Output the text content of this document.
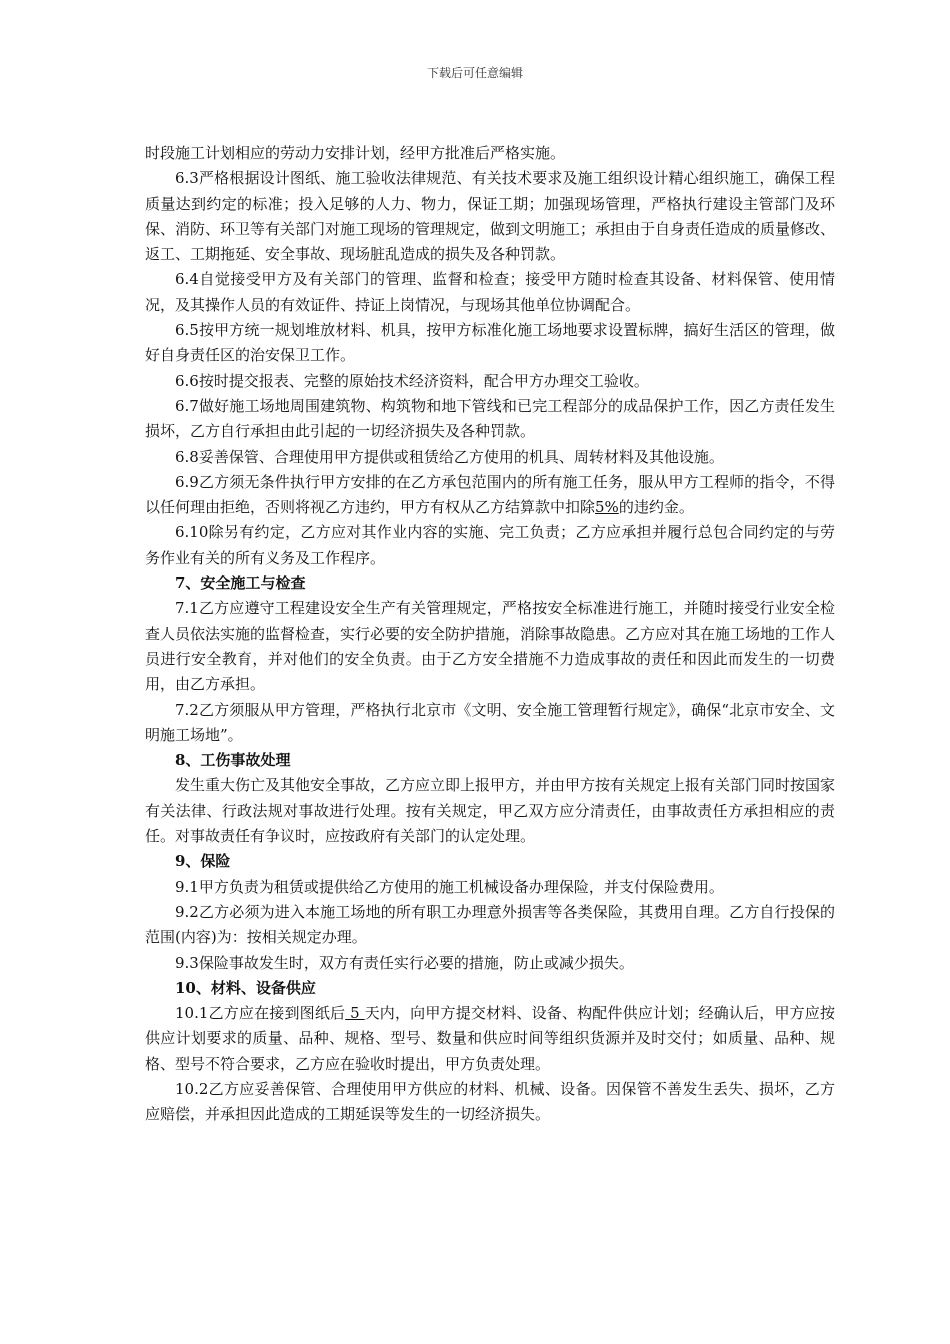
下载后可任意编辑

时段施工计划相应的劳动力安排计划，经甲方批准后严格实施。

6.3严格根据设计图纸、施工验收法律规范、有关技术要求及施工组织设计精心组织施工，确保工程质量达到约定的标准；投入足够的人力、物力，保证工期；加强现场管理，严格执行建设主管部门及环保、消防、环卫等有关部门对施工现场的管理规定，做到文明施工；承担由于自身责任造成的质量修改、返工、工期拖延、安全事故、现场脏乱造成的损失及各种罚款。

6.4自觉接受甲方及有关部门的管理、监督和检查；接受甲方随时检查其设备、材料保管、使用情况，及其操作人员的有效证件、持证上岗情况，与现场其他单位协调配合。

6.5按甲方统一规划堆放材料、机具，按甲方标准化施工场地要求设置标牌，搞好生活区的管理，做好自身责任区的治安保卫工作。

6.6按时提交报表、完整的原始技术经济资料，配合甲方办理交工验收。

6.7做好施工场地周围建筑物、构筑物和地下管线和已完工程部分的成品保护工作，因乙方责任发生损坏，乙方自行承担由此引起的一切经济损失及各种罚款。

6.8妥善保管、合理使用甲方提供或租赁给乙方使用的机具、周转材料及其他设施。

6.9乙方须无条件执行甲方安排的在乙方承包范围内的所有施工任务，服从甲方工程师的指令，不得以任何理由拒绝，否则将视乙方违约，甲方有权从乙方结算款中扣除5%的违约金。

6.10除另有约定，乙方应对其作业内容的实施、完工负责；乙方应承担并履行总包合同约定的与劳务作业有关的所有义务及工作程序。

7、安全施工与检查

7.1乙方应遵守工程建设安全生产有关管理规定，严格按安全标准进行施工，并随时接受行业安全检查人员依法实施的监督检查，实行必要的安全防护措施，消除事故隐患。乙方应对其在施工场地的工作人员进行安全教育，并对他们的安全负责。由于乙方安全措施不力造成事故的责任和因此而发生的一切费用，由乙方承担。

7.2乙方须服从甲方管理，严格执行北京市《文明、安全施工管理暂行规定》，确保“北京市安全、文明施工场地”。

8、工伤事故处理

发生重大伤亡及其他安全事故，乙方应立即上报甲方，并由甲方按有关规定上报有关部门同时按国家有关法律、行政法规对事故进行处理。按有关规定，甲乙双方应分清责任，由事故责任方承担相应的责任。对事故责任有争议时，应按政府有关部门的认定处理。

9、保险

9.1甲方负责为租赁或提供给乙方使用的施工机械设备办理保险，并支付保险费用。

9.2乙方必须为进入本施工场地的所有职工办理意外损害等各类保险，其费用自理。乙方自行投保的范围(内容)为：按相关规定办理。

9.3保险事故发生时，双方有责任实行必要的措施，防止或减少损失。

10、材料、设备供应

10.1乙方应在接到图纸后 5 天内，向甲方提交材料、设备、构配件供应计划；经确认后，甲方应按供应计划要求的质量、品种、规格、型号、数量和供应时间等组织货源并及时交付；如质量、品种、规格、型号不符合要求，乙方应在验收时提出，甲方负责处理。

10.2乙方应妥善保管、合理使用甲方供应的材料、机械、设备。因保管不善发生丢失、损坏，乙方应赔偿，并承担因此造成的工期延误等发生的一切经济损失。
